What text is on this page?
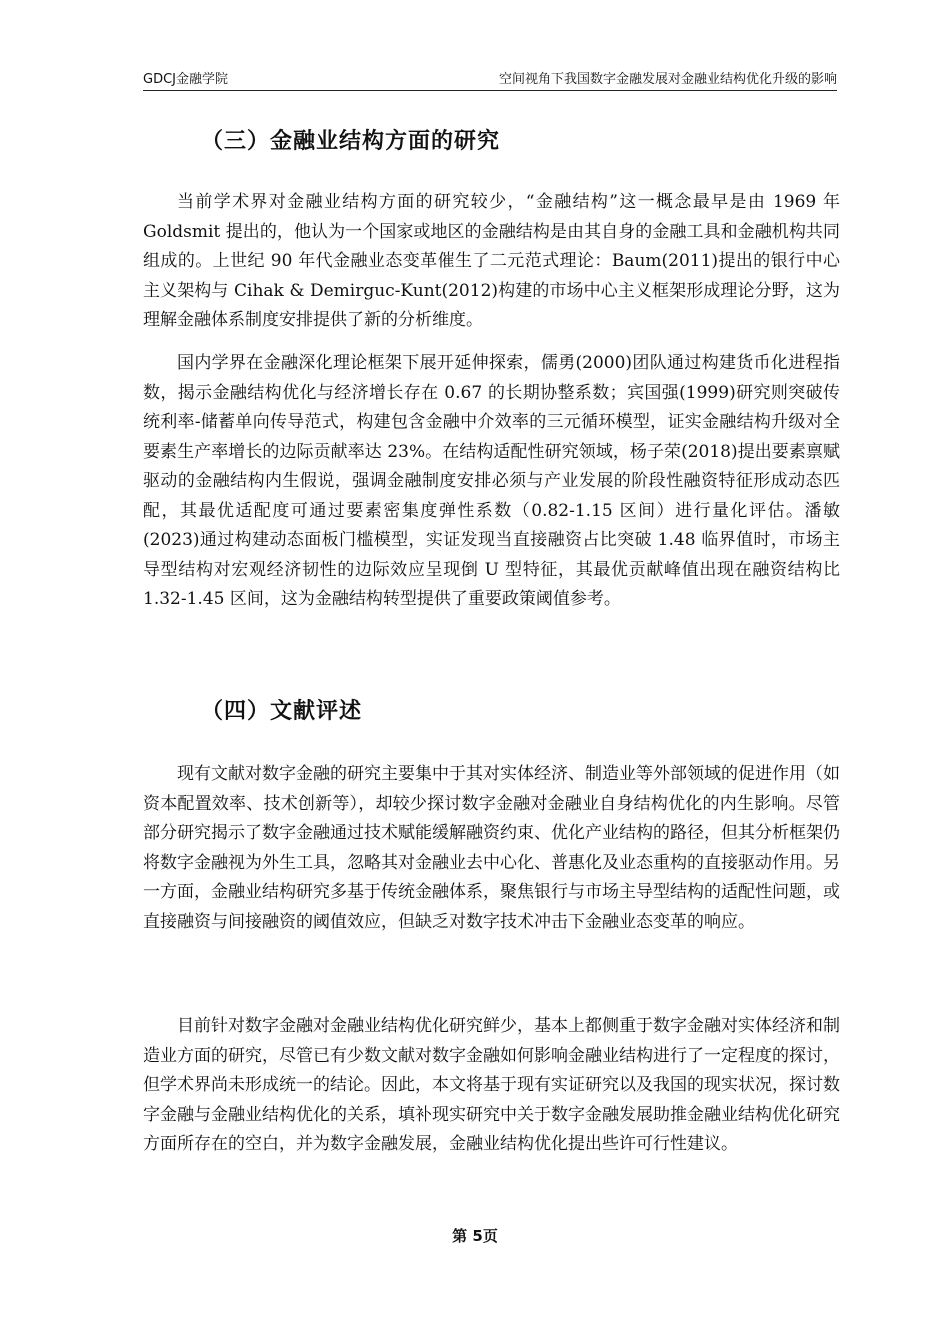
GDCJ金融学院	空间视角下我国数字金融发展对金融业结构优化升级的影响
（三）金融业结构方面的研究

当前学术界对金融业结构方面的研究较少，“金融结构”这一概念最早是由 1969 年 Goldsmit 提出的，他认为一个国家或地区的金融结构是由其自身的金融工具和金融机构共同组成的。上世纪 90 年代金融业态变革催生了二元范式理论：Baum(2011)提出的银行中心主义架构与 Cihak & Demirguc-Kunt(2012)构建的市场中心主义框架形成理论分野，这为理解金融体系制度安排提供了新的分析维度。

国内学界在金融深化理论框架下展开延伸探索，儒勇(2000)团队通过构建货币化进程指数，揭示金融结构优化与经济增长存在 0.67 的长期协整系数；宾国强(1999)研究则突破传统利率-储蓄单向传导范式，构建包含金融中介效率的三元循环模型，证实金融结构升级对全要素生产率增长的边际贡献率达 23%。在结构适配性研究领域，杨子荣(2018)提出要素禀赋驱动的金融结构内生假说，强调金融制度安排必须与产业发展的阶段性融资特征形成动态匹配，其最优适配度可通过要素密集度弹性系数（0.82-1.15 区间）进行量化评估。潘敏(2023)通过构建动态面板门槛模型，实证发现当直接融资占比突破 1.48 临界值时，市场主导型结构对宏观经济韧性的边际效应呈现倒 U 型特征，其最优贡献峰值出现在融资结构比 1.32-1.45 区间，这为金融结构转型提供了重要政策阈值参考。

（四）文献评述

现有文献对数字金融的研究主要集中于其对实体经济、制造业等外部领域的促进作用（如资本配置效率、技术创新等），却较少探讨数字金融对金融业自身结构优化的内生影响。尽管部分研究揭示了数字金融通过技术赋能缓解融资约束、优化产业结构的路径，但其分析框架仍将数字金融视为外生工具，忽略其对金融业去中心化、普惠化及业态重构的直接驱动作用。另一方面，金融业结构研究多基于传统金融体系，聚焦银行与市场主导型结构的适配性问题，或直接融资与间接融资的阈值效应，但缺乏对数字技术冲击下金融业态变革的响应。

目前针对数字金融对金融业结构优化研究鲜少，基本上都侧重于数字金融对实体经济和制造业方面的研究，尽管已有少数文献对数字金融如何影响金融业结构进行了一定程度的探讨，但学术界尚未形成统一的结论。因此，本文将基于现有实证研究以及我国的现实状况，探讨数字金融与金融业结构优化的关系，填补现实研究中关于数字金融发展助推金融业结构优化研究方面所存在的空白，并为数字金融发展，金融业结构优化提出些许可行性建议。

第 5页
